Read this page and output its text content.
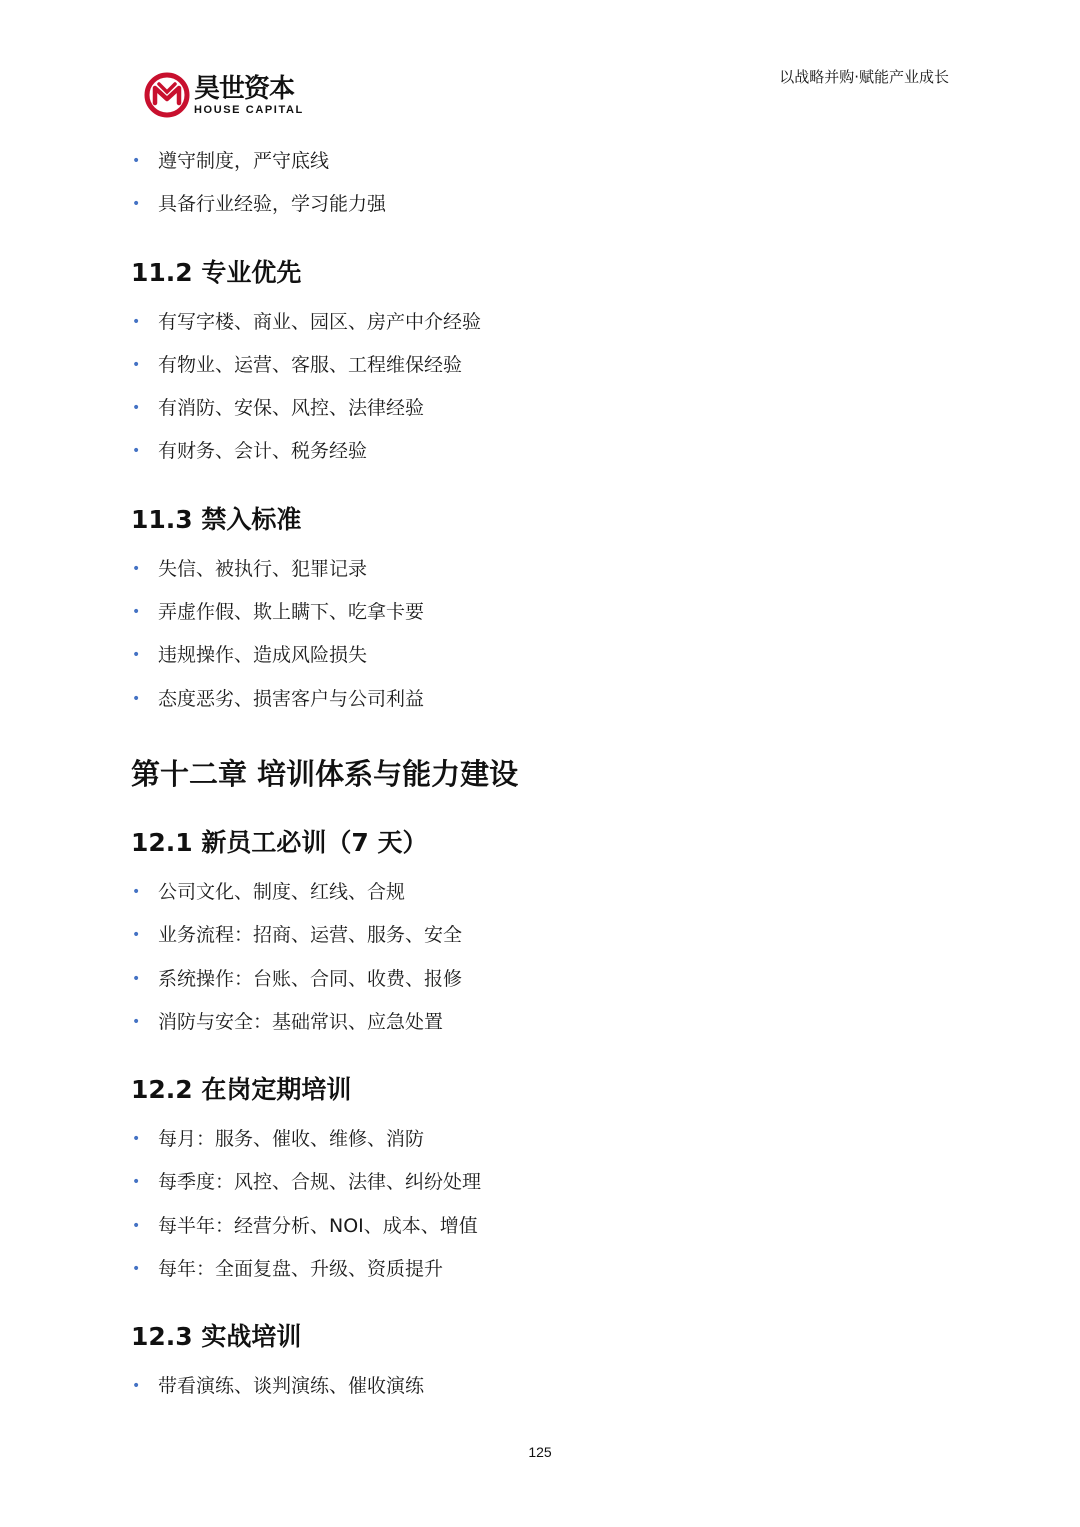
昊世资本
HOUSE CAPITAL
以战略并购·赋能产业成长
• 遵守制度，严守底线
• 具备行业经验，学习能力强
11.2 专业优先
• 有写字楼、商业、园区、房产中介经验
• 有物业、运营、客服、工程维保经验
• 有消防、安保、风控、法律经验
• 有财务、会计、税务经验
11.3 禁入标准
• 失信、被执行、犯罪记录
• 弄虚作假、欺上瞒下、吃拿卡要
• 违规操作、造成风险损失
• 态度恶劣、损害客户与公司利益
第十二章 培训体系与能力建设
12.1 新员工必训（7 天）
• 公司文化、制度、红线、合规
• 业务流程：招商、运营、服务、安全
• 系统操作：台账、合同、收费、报修
• 消防与安全：基础常识、应急处置
12.2 在岗定期培训
• 每月：服务、催收、维修、消防
• 每季度：风控、合规、法律、纠纷处理
• 每半年：经营分析、NOI、成本、增值
• 每年：全面复盘、升级、资质提升
12.3 实战培训
• 带看演练、谈判演练、催收演练
125
